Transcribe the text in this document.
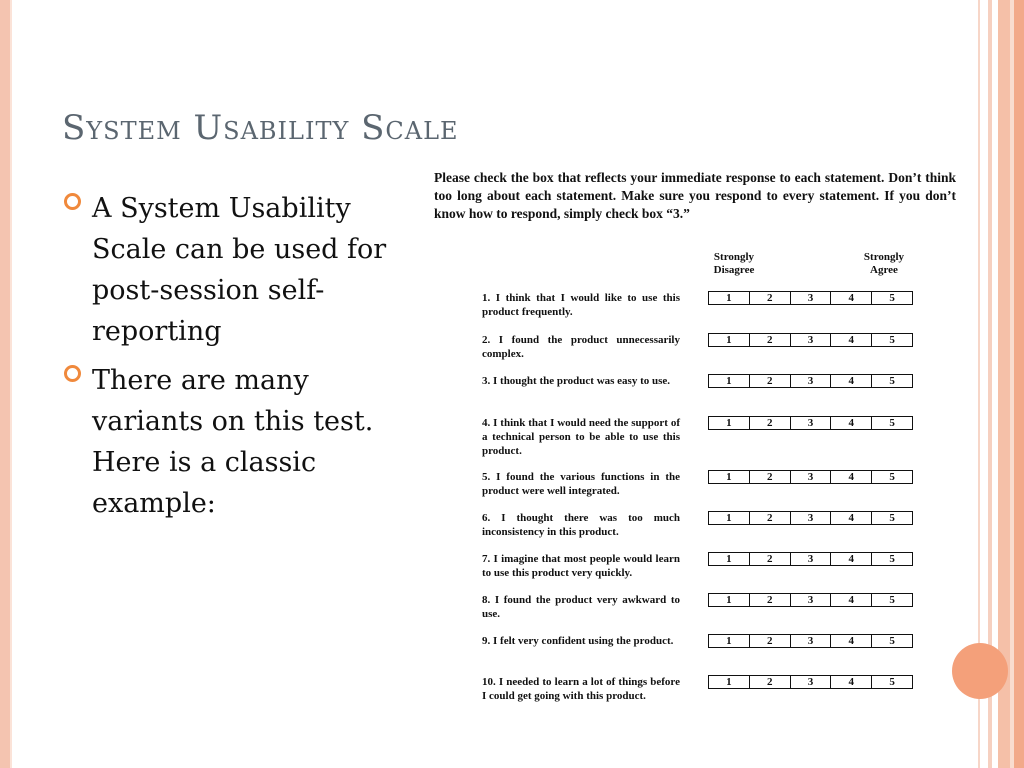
System Usability Scale
A System Usability Scale can be used for post-session self-reporting
There are many variants on this test. Here is a classic example:

Please check the box that reflects your immediate response to each statement. Don’t think too long about each statement. Make sure you respond to every statement. If you don’t know how to respond, simply check box “3.”

Strongly Disagree
Strongly Agree
1. I think that I would like to use this product frequently.
1	2	3	4	5
2. I found the product unnecessarily complex.
1	2	3	4	5
3. I thought the product was easy to use.	1	2	3	4	5
4. I think that I would need the support of a technical person to be able to use this product.
1	2	3	4	5
5. I found the various functions in the product were well integrated.
1	2	3	4	5
6. I thought there was too much inconsistency in this product.
1	2	3	4	5
7. I imagine that most people would learn to use this product very quickly.
1	2	3	4	5
8. I found the product very awkward to use.
1	2	3	4	5
9. I felt very confident using the product.	1	2	3	4	5
10. I needed to learn a lot of things before I could get going with this product.
1	2	3	4	5
